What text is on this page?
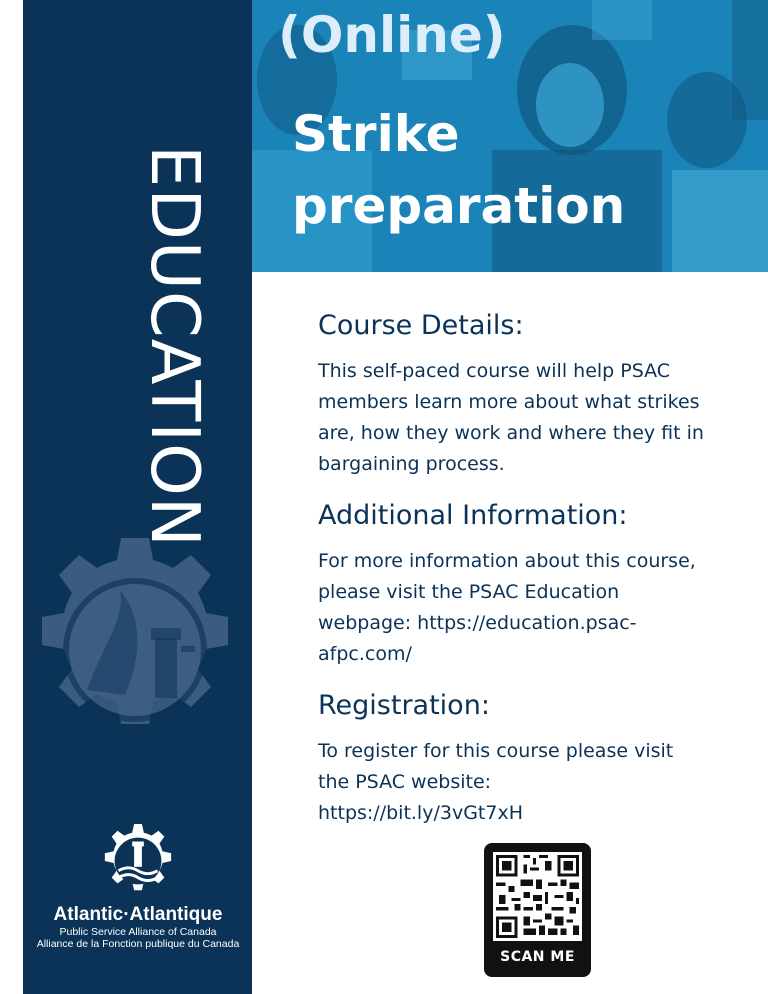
EDUCATION
Atlantic·Atlantique
Public Service Alliance of Canada
Alliance de la Fonction publique du Canada
(Online)
Strike
preparation
Course Details:

This self-paced course will help PSAC
members learn more about what strikes
are, how they work and where they fit in
bargaining process.

Additional Information:

For more information about this course,
please visit the PSAC Education
webpage: https://education.psac-
afpc.com/

Registration:

To register for this course please visit
the PSAC website:
https://bit.ly/3vGt7xH

SCAN ME
